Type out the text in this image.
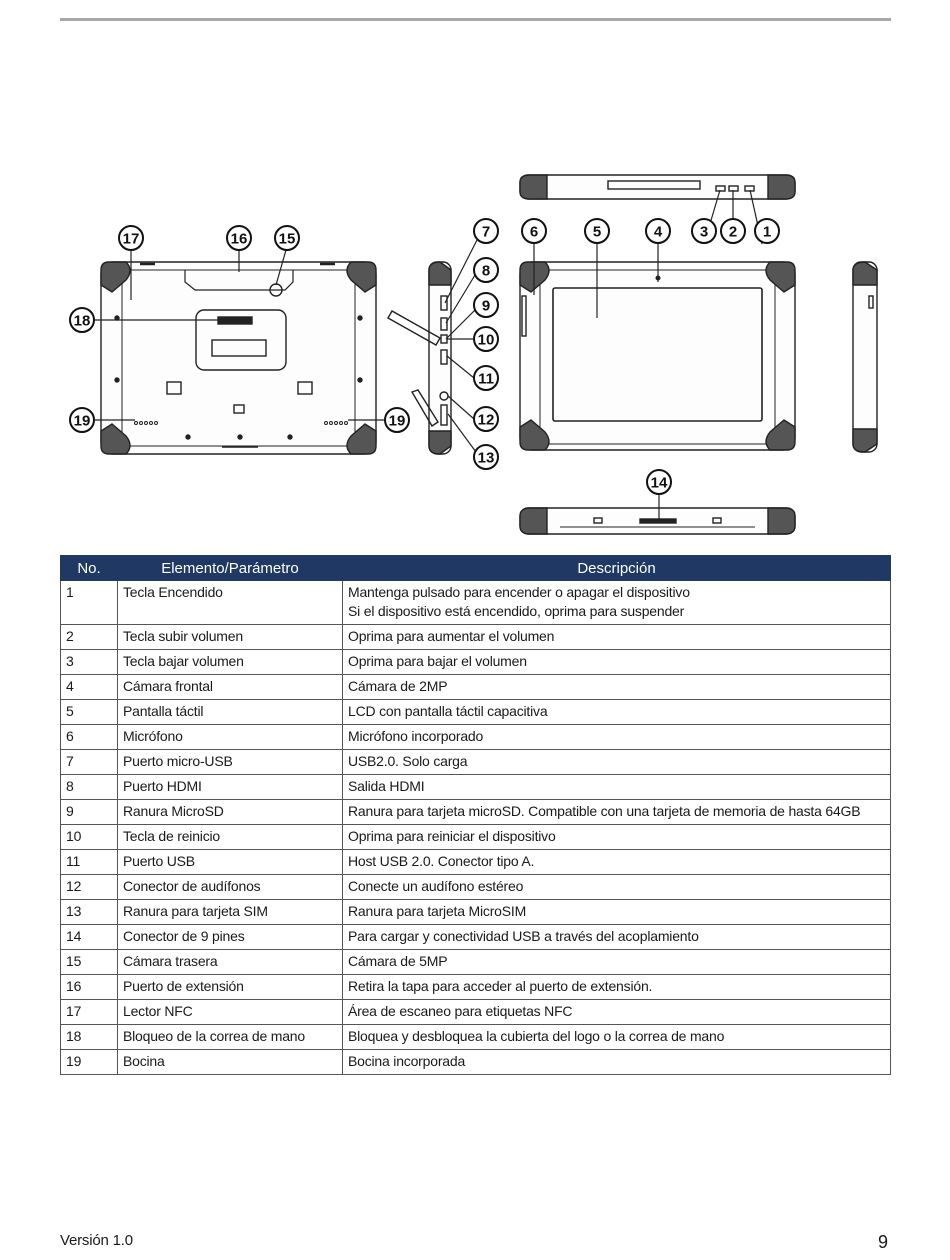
17	16 15
18
19	19
7
8
9
10
11
12
13
6	5	4	3 2 1
14
No.	Elemento/Parámetro	Descripción
1	Tecla Encendido	Mantenga pulsado para encender o apagar el dispositivo
Si el dispositivo está encendido, oprima para suspender

2	Tecla subir volumen	Oprima para aumentar el volumen

3	Tecla bajar volumen	Oprima para bajar el volumen

4	Cámara frontal	Cámara de 2MP

5	Pantalla táctil	LCD con pantalla táctil capacitiva

6	Micrófono	Micrófono incorporado

7	Puerto micro-USB	USB2.0. Solo carga

8	Puerto HDMI	Salida HDMI

9	Ranura MicroSD	Ranura para tarjeta microSD. Compatible con una tarjeta de memoria de hasta 64GB

10	Tecla de reinicio	Oprima para reiniciar el dispositivo

11	Puerto USB	Host USB 2.0. Conector tipo A.

12	Conector de audífonos	Conecte un audífono estéreo

13	Ranura para tarjeta SIM	Ranura para tarjeta MicroSIM

14	Conector de 9 pines	Para cargar y conectividad USB a través del acoplamiento

15	Cámara trasera	Cámara de 5MP

16	Puerto de extensión	Retira la tapa para acceder al puerto de extensión.

17	Lector NFC	Área de escaneo para etiquetas NFC

18	Bloqueo de la correa de mano	Bloquea y desbloquea la cubierta del logo o la correa de mano

19	Bocina	Bocina incorporada
Versión 1.0	9
